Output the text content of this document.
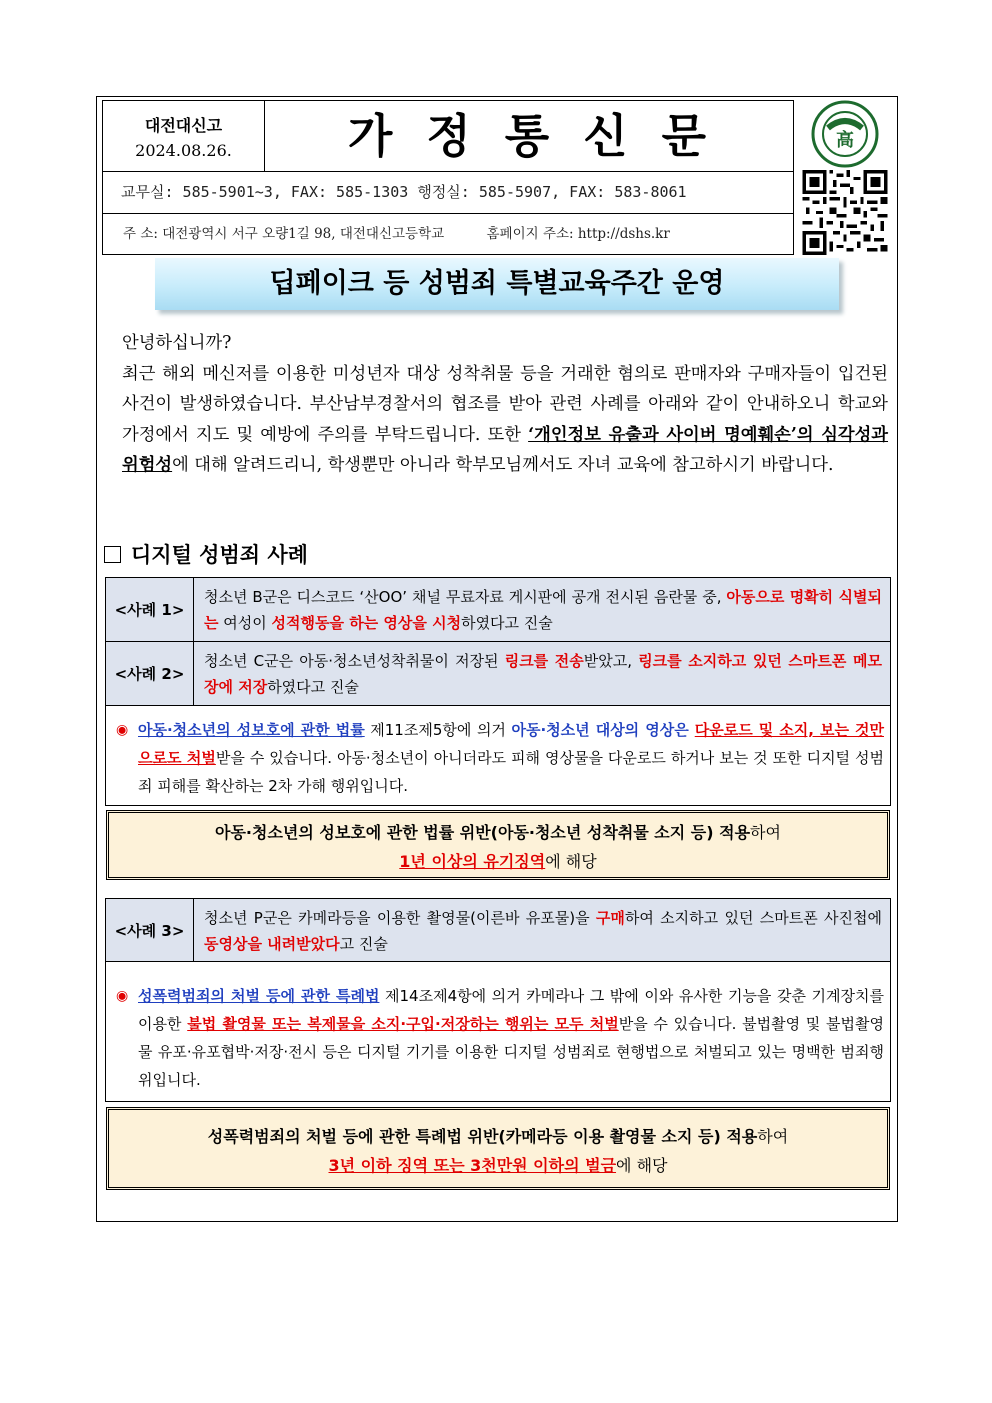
대전대신고
2024.08.26.	가정통신문
교무실: 585-5901~3, FAX: 585-1303 행정실: 585-5907, FAX: 583-8061
주 소: 대전광역시 서구 오량1길 98, 대전대신고등학교	홈페이지 주소: http://dshs.kr
高
딥페이크 등 성범죄 특별교육주간 운영
안녕하십니까?
최근 해외 메신저를 이용한 미성년자 대상 성착취물 등을 거래한 혐의로 판매자와 구매자들이 입건된 사건이 발생하였습니다. 부산남부경찰서의 협조를 받아 관련 사례를 아래와 같이 안내하오니 학교와 가정에서 지도 및 예방에 주의를 부탁드립니다. 또한 ‘개인정보 유출과 사이버 명예훼손’의 심각성과 위험성에 대해 알려드리니, 학생뿐만 아니라 학부모님께서도 자녀 교육에 참고하시기 바랍니다.
디지털 성범죄 사례
<사례 1>
청소년 B군은 디스코드 ‘산OO’ 채널 무료자료 게시판에 공개 전시된 음란물 중, 아동으로 명확히 식별되는 여성이 성적행동을 하는 영상을 시청하였다고 진술
<사례 2>
청소년 C군은 아동·청소년성착취물이 저장된 링크를 전송받았고, 링크를 소지하고 있던 스마트폰 메모장에 저장하였다고 진술
◉ 아동·청소년의 성보호에 관한 법률 제11조제5항에 의거 아동·청소년 대상의 영상은 다운로드 및 소지, 보는 것만으로도 처벌받을 수 있습니다. 아동·청소년이 아니더라도 피해 영상물을 다운로드 하거나 보는 것 또한 디지털 성범죄 피해를 확산하는 2차 가해 행위입니다.
아동·청소년의 성보호에 관한 법률 위반(아동·청소년 성착취물 소지 등) 적용하여
1년 이상의 유기징역에 해당
<사례 3>
청소년 P군은 카메라등을 이용한 촬영물(이른바 유포물)을 구매하여 소지하고 있던 스마트폰 사진첩에 동영상을 내려받았다고 진술
◉ 성폭력범죄의 처벌 등에 관한 특례법 제14조제4항에 의거 카메라나 그 밖에 이와 유사한 기능을 갖춘 기계장치를 이용한 불법 촬영물 또는 복제물을 소지·구입·저장하는 행위는 모두 처벌받을 수 있습니다. 불법촬영 및 불법촬영물 유포·유포협박·저장·전시 등은 디지털 기기를 이용한 디지털 성범죄로 현행법으로 처벌되고 있는 명백한 범죄행위입니다.
성폭력범죄의 처벌 등에 관한 특례법 위반(카메라등 이용 촬영물 소지 등) 적용하여
3년 이하 징역 또는 3천만원 이하의 벌금에 해당
